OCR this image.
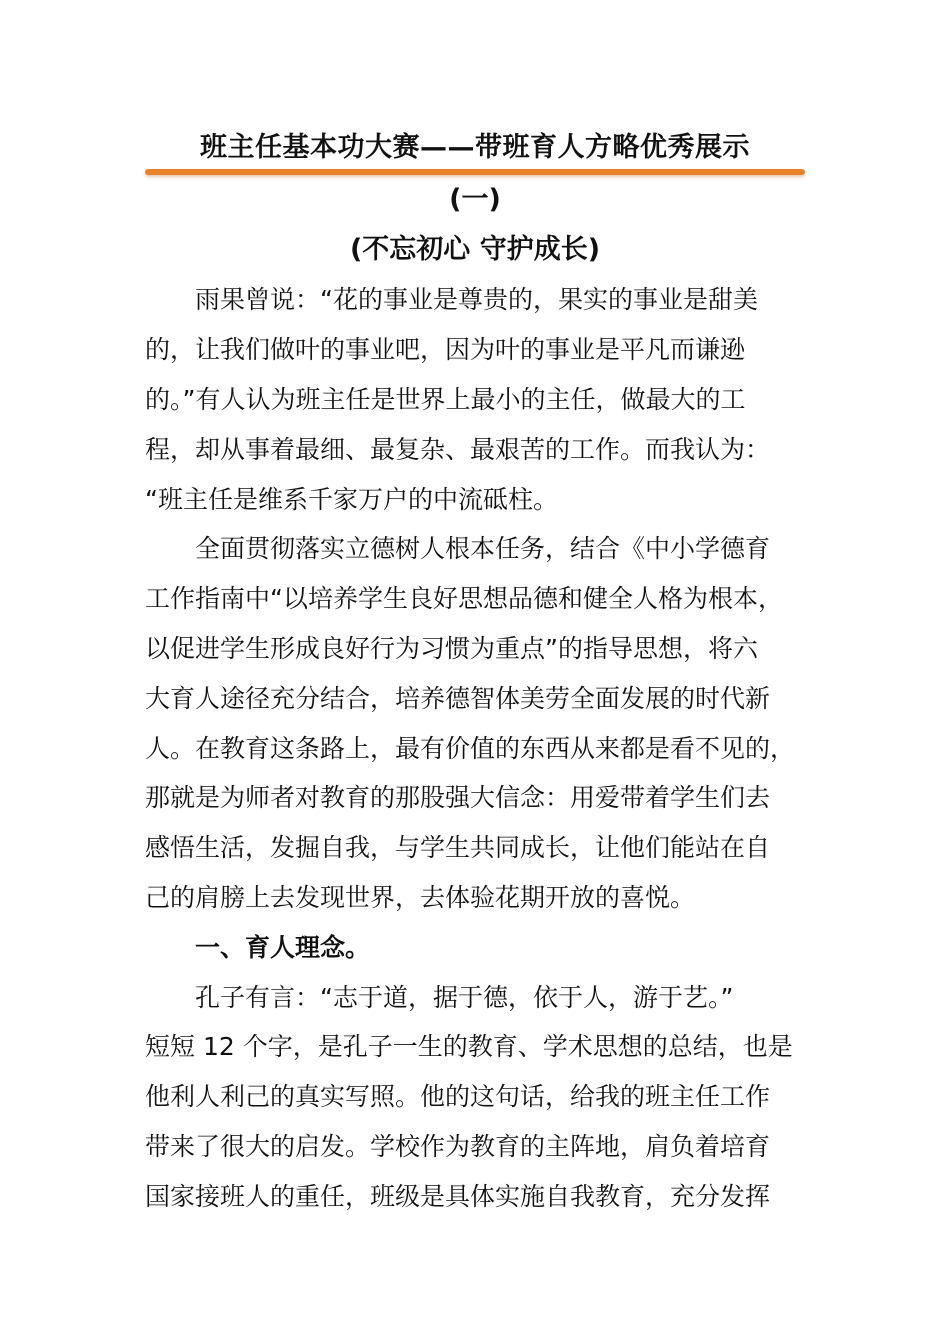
班主任基本功大赛——带班育人方略优秀展示
(一)
(不忘初心 守护成长)
　　雨果曾说：“花的事业是尊贵的，果实的事业是甜美
的，让我们做叶的事业吧，因为叶的事业是平凡而谦逊
的。”有人认为班主任是世界上最小的主任，做最大的工
程，却从事着最细、最复杂、最艰苦的工作。而我认为：
“班主任是维系千家万户的中流砥柱。
　　全面贯彻落实立德树人根本任务，结合《中小学德育
工作指南中“以培养学生良好思想品德和健全人格为根本，
以促进学生形成良好行为习惯为重点”的指导思想，将六
大育人途径充分结合，培养德智体美劳全面发展的时代新
人。在教育这条路上，最有价值的东西从来都是看不见的，
那就是为师者对教育的那股强大信念：用爱带着学生们去
感悟生活，发掘自我，与学生共同成长，让他们能站在自
己的肩膀上去发现世界，去体验花期开放的喜悦。
　　一、育人理念。
　　孔子有言：“志于道，据于德，依于人，游于艺。”
短短 12 个字，是孔子一生的教育、学术思想的总结，也是
他利人利己的真实写照。他的这句话，给我的班主任工作
带来了很大的启发。学校作为教育的主阵地，肩负着培育
国家接班人的重任，班级是具体实施自我教育，充分发挥
